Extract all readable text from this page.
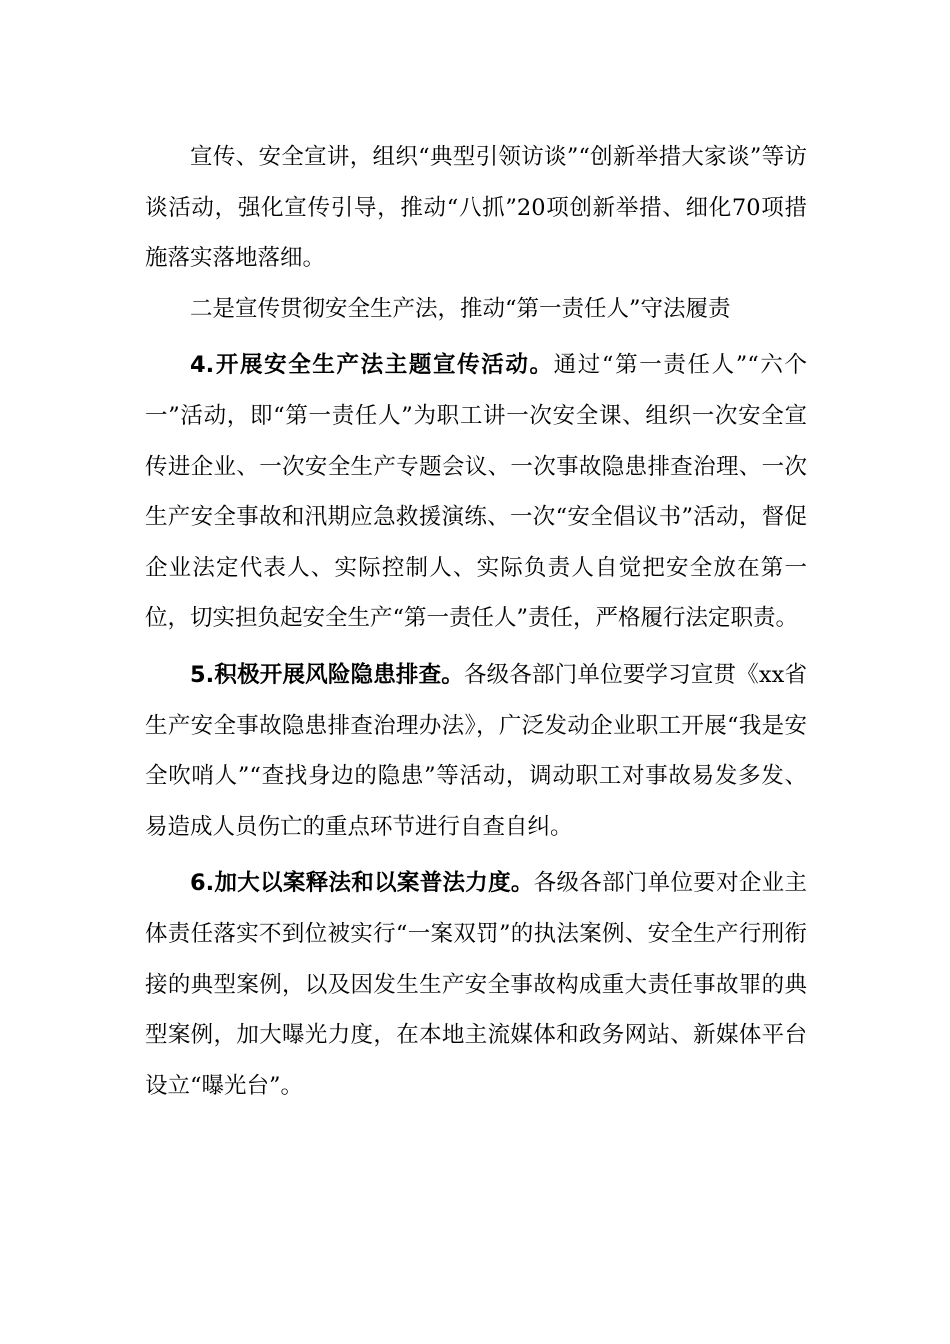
宣传、安全宣讲，组织“典型引领访谈”“创新举措大家谈”等访谈活动，强化宣传引导，推动“八抓”20项创新举措、细化70项措施落实落地落细。

二是宣传贯彻安全生产法，推动“第一责任人”守法履责

4.开展安全生产法主题宣传活动。通过“第一责任人”“六个一”活动，即“第一责任人”为职工讲一次安全课、组织一次安全宣传进企业、一次安全生产专题会议、一次事故隐患排查治理、一次生产安全事故和汛期应急救援演练、一次“安全倡议书”活动，督促企业法定代表人、实际控制人、实际负责人自觉把安全放在第一位，切实担负起安全生产“第一责任人”责任，严格履行法定职责。

5.积极开展风险隐患排查。各级各部门单位要学习宣贯《xx省生产安全事故隐患排查治理办法》，广泛发动企业职工开展“我是安全吹哨人”“查找身边的隐患”等活动，调动职工对事故易发多发、易造成人员伤亡的重点环节进行自查自纠。

6.加大以案释法和以案普法力度。各级各部门单位要对企业主体责任落实不到位被实行“一案双罚”的执法案例、安全生产行刑衔接的典型案例，以及因发生生产安全事故构成重大责任事故罪的典型案例，加大曝光力度，在本地主流媒体和政务网站、新媒体平台设立“曝光台”。
